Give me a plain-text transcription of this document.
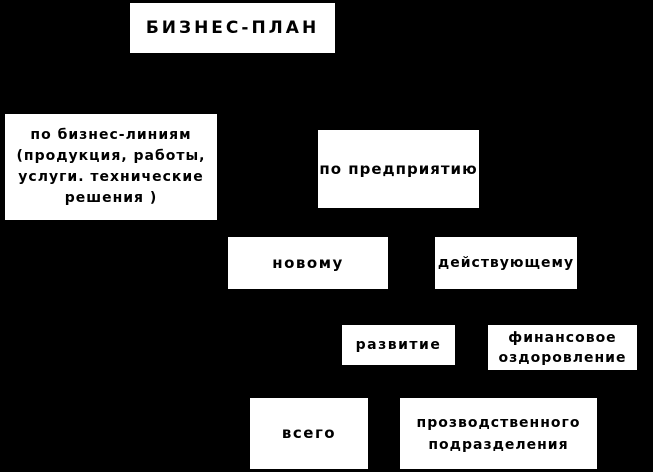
БИЗНЕС-ПЛАН
по бизнес-линиям
(продукция, работы,
услуги. технические
решения )
по предприятию
новому	действующему
развитие	финансовое
оздоровление
всего
прозводственного
подразделения
